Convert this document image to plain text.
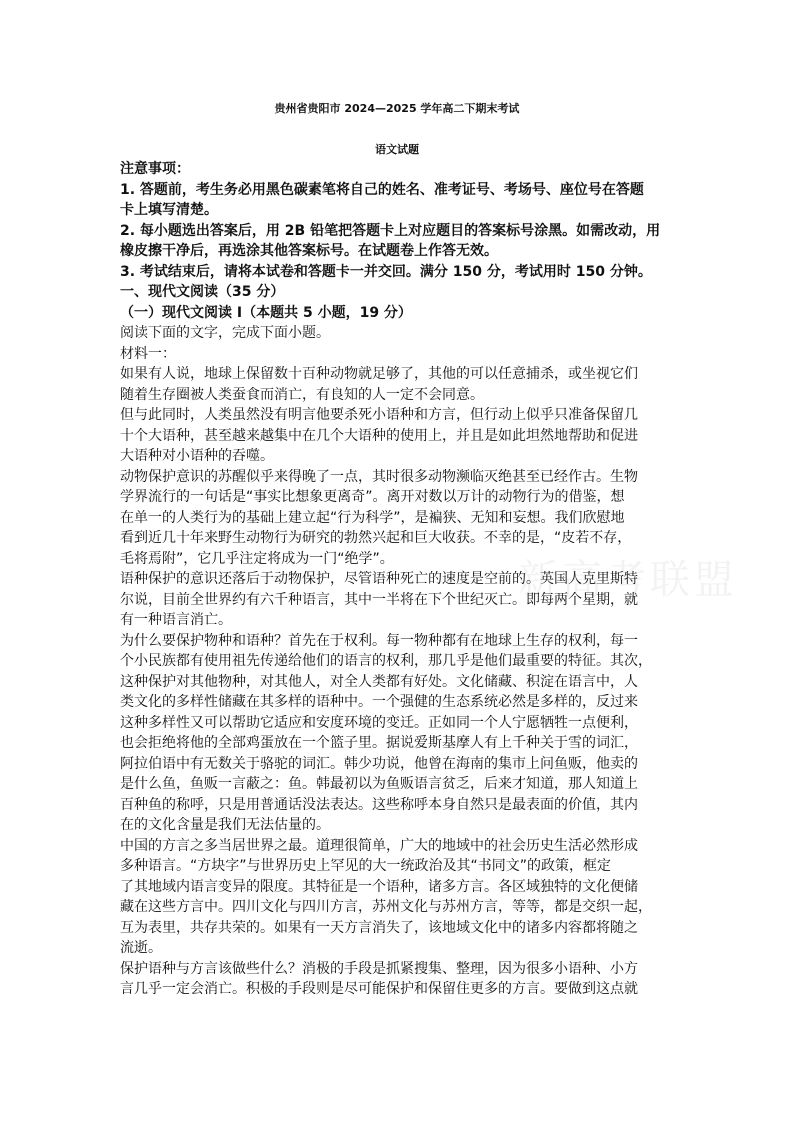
贵州省贵阳市 2024—2025 学年高二下期末考试
语文试题
注意事项：
1. 答题前，考生务必用黑色碳素笔将自己的姓名、准考证号、考场号、座位号在答题
卡上填写清楚。
2. 每小题选出答案后，用 2B 铅笔把答题卡上对应题目的答案标号涂黑。如需改动，用
橡皮擦干净后，再选涂其他答案标号。在试题卷上作答无效。
3. 考试结束后，请将本试卷和答题卡一并交回。满分 150 分，考试用时 150 分钟。
一、现代文阅读（35 分）
（一）现代文阅读 I（本题共 5 小题，19 分）
阅读下面的文字，完成下面小题。
材料一：
如果有人说，地球上保留数十百种动物就足够了，其他的可以任意捕杀，或坐视它们
随着生存圈被人类蚕食而消亡，有良知的人一定不会同意。
但与此同时，人类虽然没有明言他要杀死小语种和方言，但行动上似乎只准备保留几
十个大语种，甚至越来越集中在几个大语种的使用上，并且是如此坦然地帮助和促进
大语种对小语种的吞噬。
动物保护意识的苏醒似乎来得晚了一点，其时很多动物濒临灭绝甚至已经作古。生物
学界流行的一句话是“事实比想象更离奇”。离开对数以万计的动物行为的借鉴，想
在单一的人类行为的基础上建立起“行为科学”，是褊狭、无知和妄想。我们欣慰地
看到近几十年来野生动物行为研究的勃然兴起和巨大收获。不幸的是，“皮若不存，
毛将焉附”，它几乎注定将成为一门“绝学”。
语种保护的意识还落后于动物保护，尽管语种死亡的速度是空前的。英国人克里斯特
尔说，目前全世界约有六千种语言，其中一半将在下个世纪灭亡。即每两个星期，就
有一种语言消亡。
为什么要保护物种和语种？首先在于权利。每一物种都有在地球上生存的权利，每一
个小民族都有使用祖先传递给他们的语言的权利，那几乎是他们最重要的特征。其次，
这种保护对其他物种，对其他人，对全人类都有好处。文化储藏、积淀在语言中，人
类文化的多样性储藏在其多样的语种中。一个强健的生态系统必然是多样的，反过来
这种多样性又可以帮助它适应和安度环境的变迁。正如同一个人宁愿牺牲一点便利，
也会拒绝将他的全部鸡蛋放在一个篮子里。据说爱斯基摩人有上千种关于雪的词汇，
阿拉伯语中有无数关于骆驼的词汇。韩少功说，他曾在海南的集市上问鱼贩，他卖的
是什么鱼，鱼贩一言蔽之：鱼。韩最初以为鱼贩语言贫乏，后来才知道，那人知道上
百种鱼的称呼，只是用普通话没法表达。这些称呼本身自然只是最表面的价值，其内
在的文化含量是我们无法估量的。
中国的方言之多当居世界之最。道理很简单，广大的地域中的社会历史生活必然形成
多种语言。“方块字”与世界历史上罕见的大一统政治及其“书同文”的政策，框定
了其地域内语言变异的限度。其特征是一个语种，诸多方言。各区域独特的文化便储
藏在这些方言中。四川文化与四川方言，苏州文化与苏州方言，等等，都是交织一起，
互为表里，共存共荣的。如果有一天方言消失了，该地域文化中的诸多内容都将随之
流逝。
保护语种与方言该做些什么？消极的手段是抓紧搜集、整理，因为很多小语种、小方
言几乎一定会消亡。积极的手段则是尽可能保护和保留住更多的方言。要做到这点就
新高考联盟
